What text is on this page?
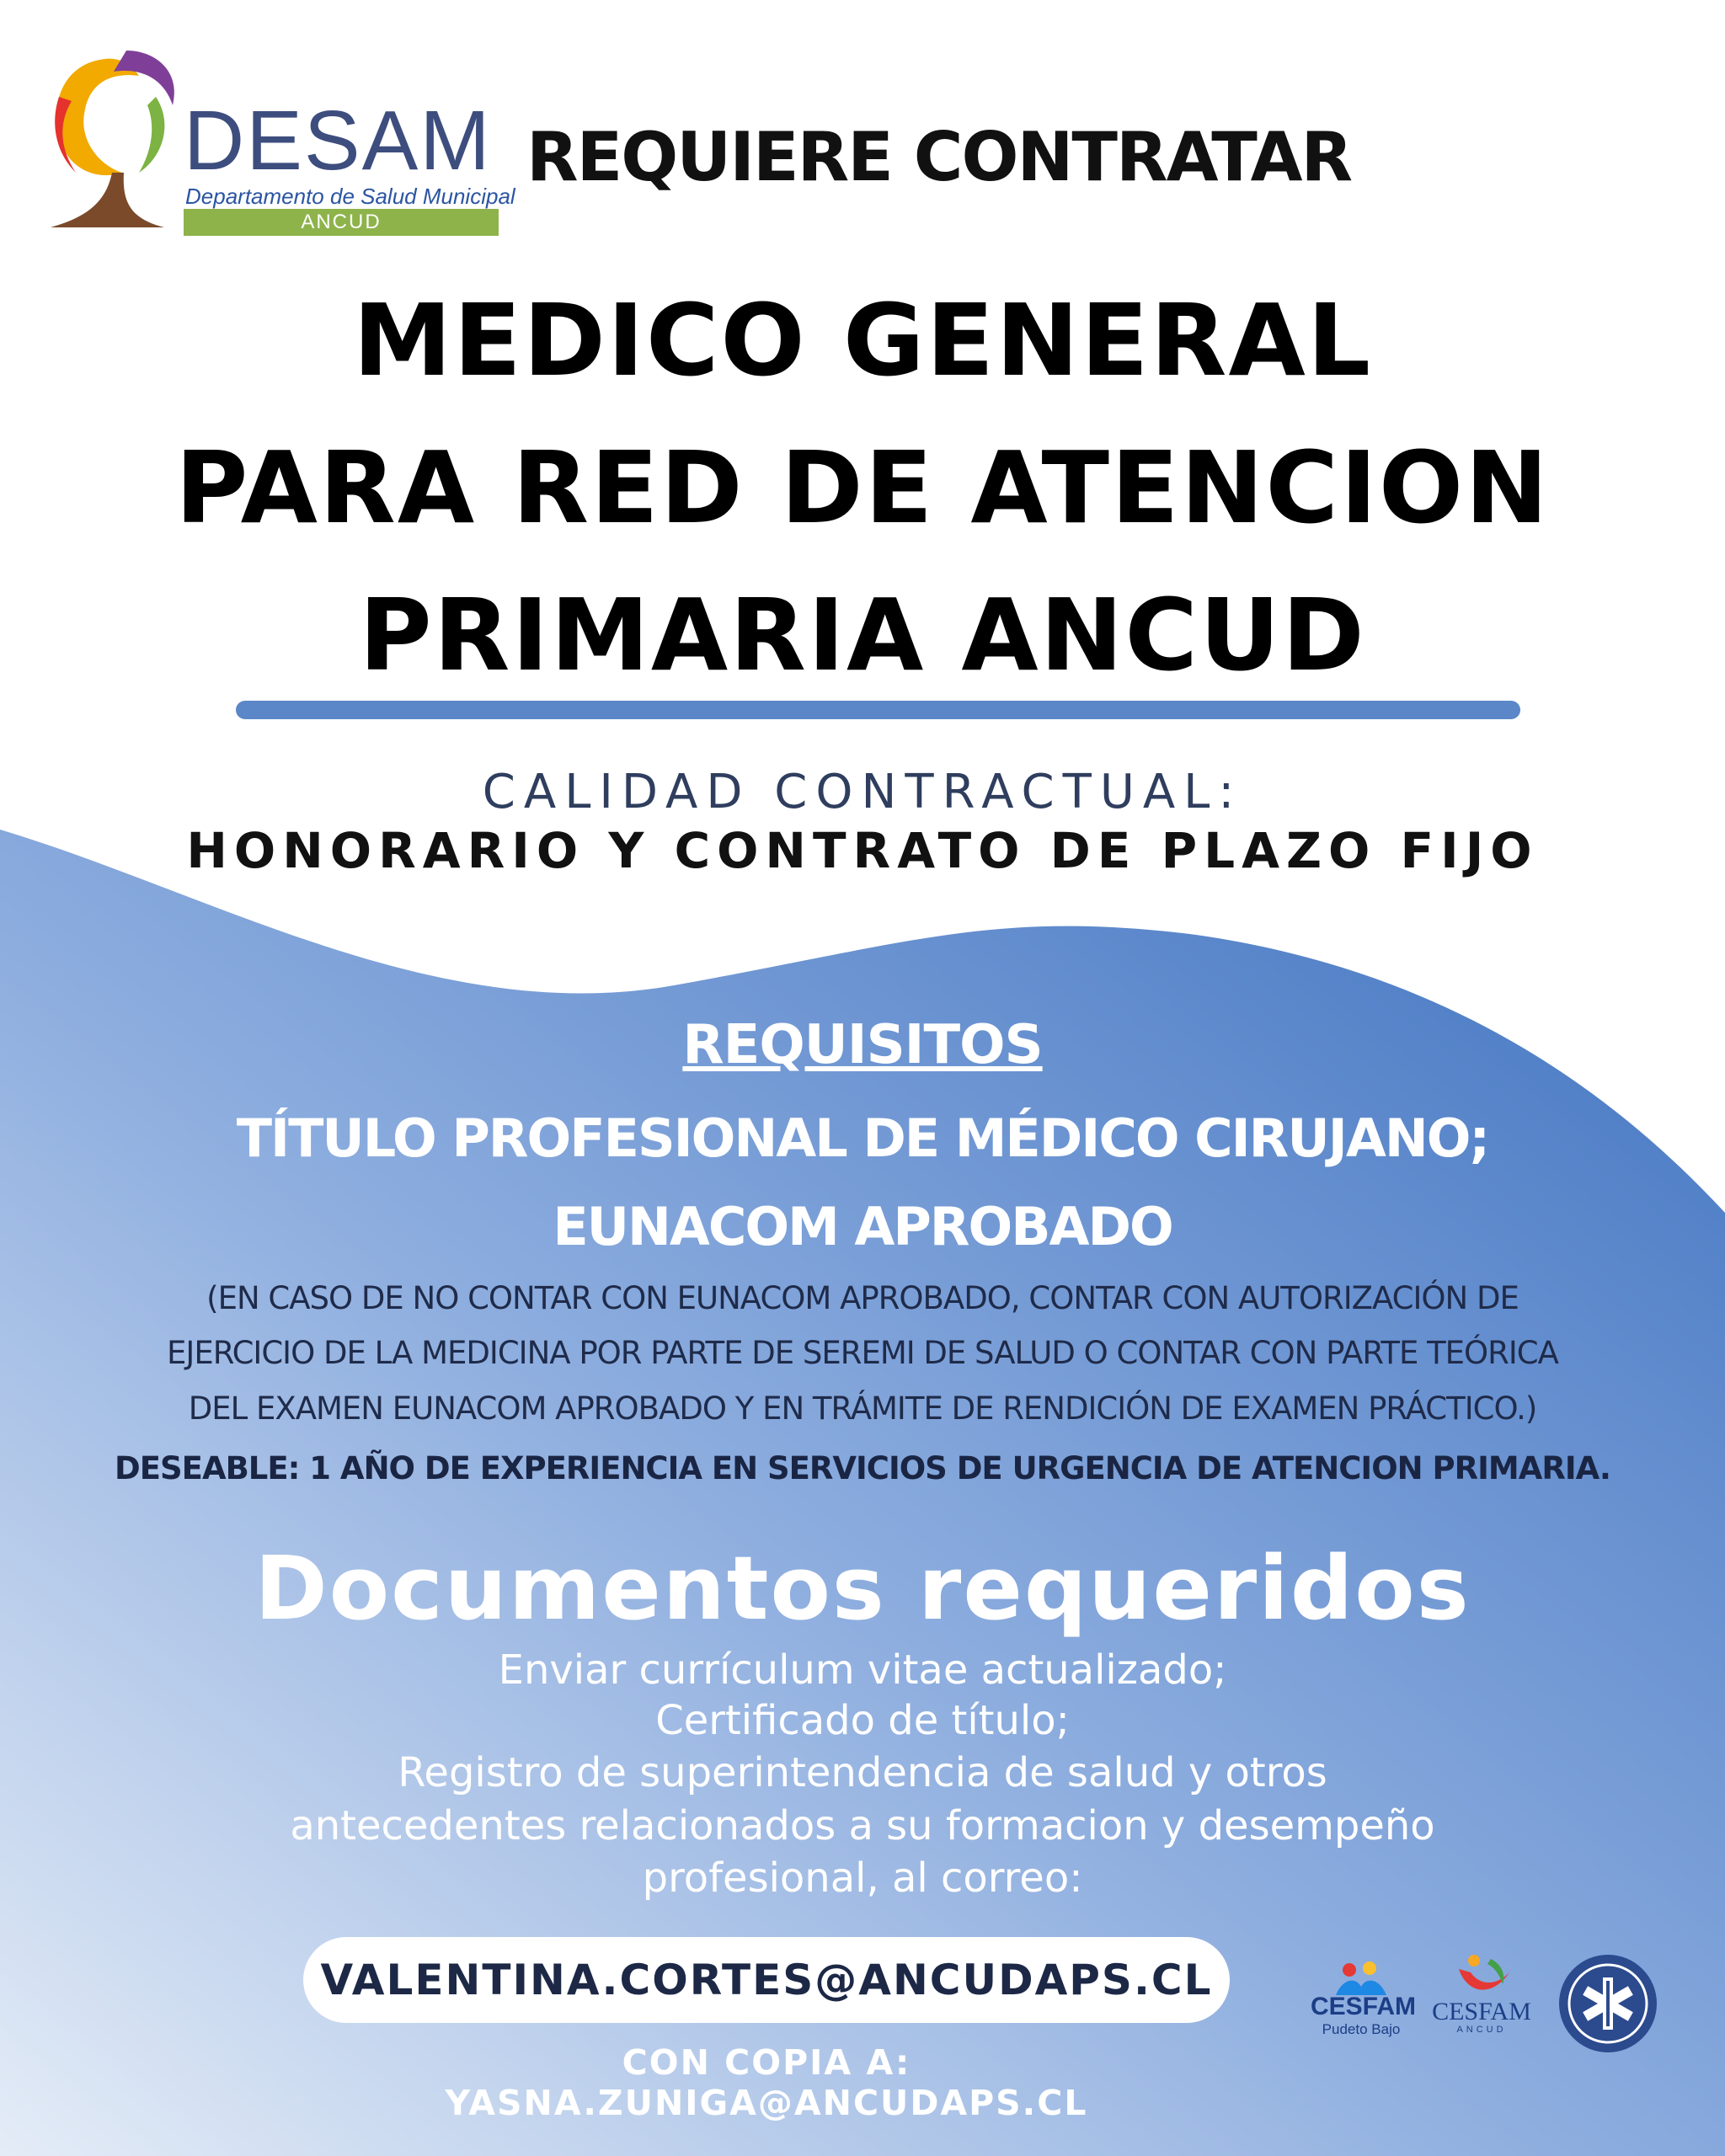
DESAM
Departamento de Salud Municipal
ANCUD
REQUIERE CONTRATAR
MEDICO GENERAL
PARA RED DE ATENCION
PRIMARIA ANCUD
CALIDAD CONTRACTUAL:
HONORARIO Y CONTRATO DE PLAZO FIJO
REQUISITOS
TÍTULO PROFESIONAL DE MÉDICO CIRUJANO;
EUNACOM APROBADO
(EN CASO DE NO CONTAR CON EUNACOM APROBADO, CONTAR CON AUTORIZACIÓN DE
EJERCICIO DE LA MEDICINA POR PARTE DE SEREMI DE SALUD O CONTAR CON PARTE TEÓRICA
DEL EXAMEN EUNACOM APROBADO Y EN TRÁMITE DE RENDICIÓN DE EXAMEN PRÁCTICO.)
DESEABLE: 1 AÑO DE EXPERIENCIA EN SERVICIOS DE URGENCIA DE ATENCION PRIMARIA.
Documentos requeridos
Enviar currículum vitae actualizado;
Certificado de título;
Registro de superintendencia de salud y otros
antecedentes relacionados a su formacion y desempeño
profesional, al correo:
VALENTINA.CORTES@ANCUDAPS.CL
CON COPIA A: YASNA.ZUNIGA@ANCUDAPS.CL
CESFAM
Pudeto Bajo
CESFAM
ANCUD
